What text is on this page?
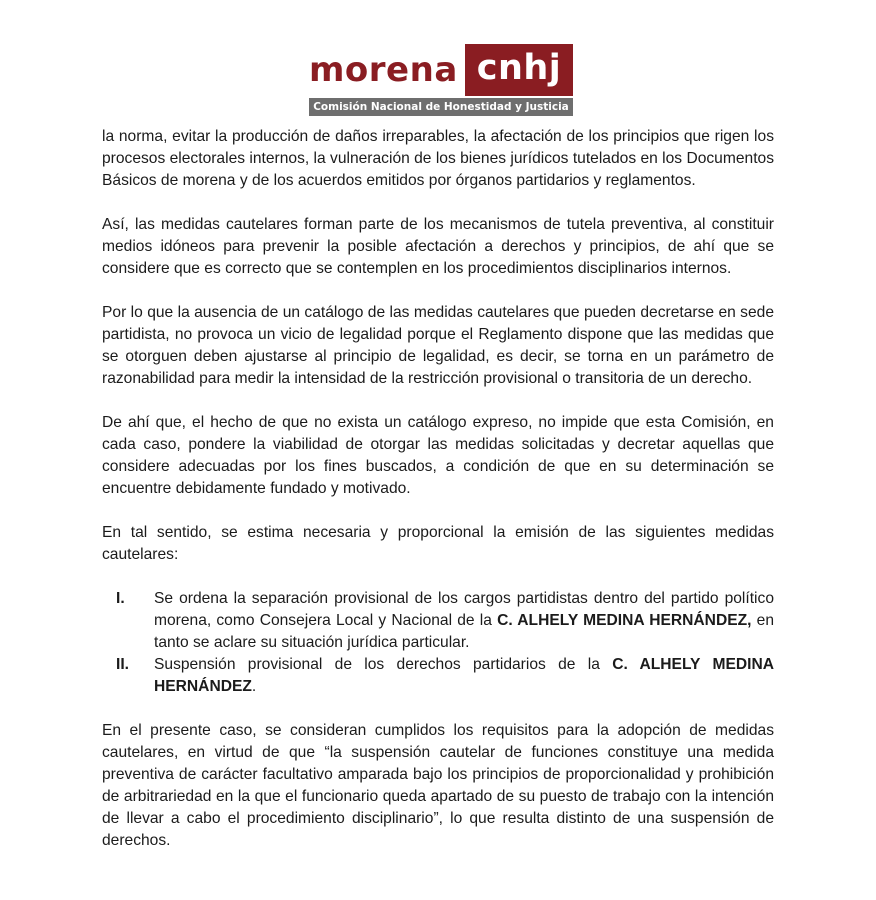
morena cnhj
Comisión Nacional de Honestidad y Justicia

la norma, evitar la producción de daños irreparables, la afectación de los principios que rigen los procesos electorales internos, la vulneración de los bienes jurídicos tutelados en los Documentos Básicos de morena y de los acuerdos emitidos por órganos partidarios y reglamentos.

Así, las medidas cautelares forman parte de los mecanismos de tutela preventiva, al constituir medios idóneos para prevenir la posible afectación a derechos y principios, de ahí que se considere que es correcto que se contemplen en los procedimientos disciplinarios internos.

Por lo que la ausencia de un catálogo de las medidas cautelares que pueden decretarse en sede partidista, no provoca un vicio de legalidad porque el Reglamento dispone que las medidas que se otorguen deben ajustarse al principio de legalidad, es decir, se torna en un parámetro de razonabilidad para medir la intensidad de la restricción provisional o transitoria de un derecho.

De ahí que, el hecho de que no exista un catálogo expreso, no impide que esta Comisión, en cada caso, pondere la viabilidad de otorgar las medidas solicitadas y decretar aquellas que considere adecuadas por los fines buscados, a condición de que en su determinación se encuentre debidamente fundado y motivado.

En tal sentido, se estima necesaria y proporcional la emisión de las siguientes medidas cautelares:

I. Se ordena la separación provisional de los cargos partidistas dentro del partido político morena, como Consejera Local y Nacional de la C. ALHELY MEDINA HERNÁNDEZ, en tanto se aclare su situación jurídica particular.
II. Suspensión provisional de los derechos partidarios de la C. ALHELY MEDINA HERNÁNDEZ.

En el presente caso, se consideran cumplidos los requisitos para la adopción de medidas cautelares, en virtud de que “la suspensión cautelar de funciones constituye una medida preventiva de carácter facultativo amparada bajo los principios de proporcionalidad y prohibición de arbitrariedad en la que el funcionario queda apartado de su puesto de trabajo con la intención de llevar a cabo el procedimiento disciplinario”, lo que resulta distinto de una suspensión de derechos.
